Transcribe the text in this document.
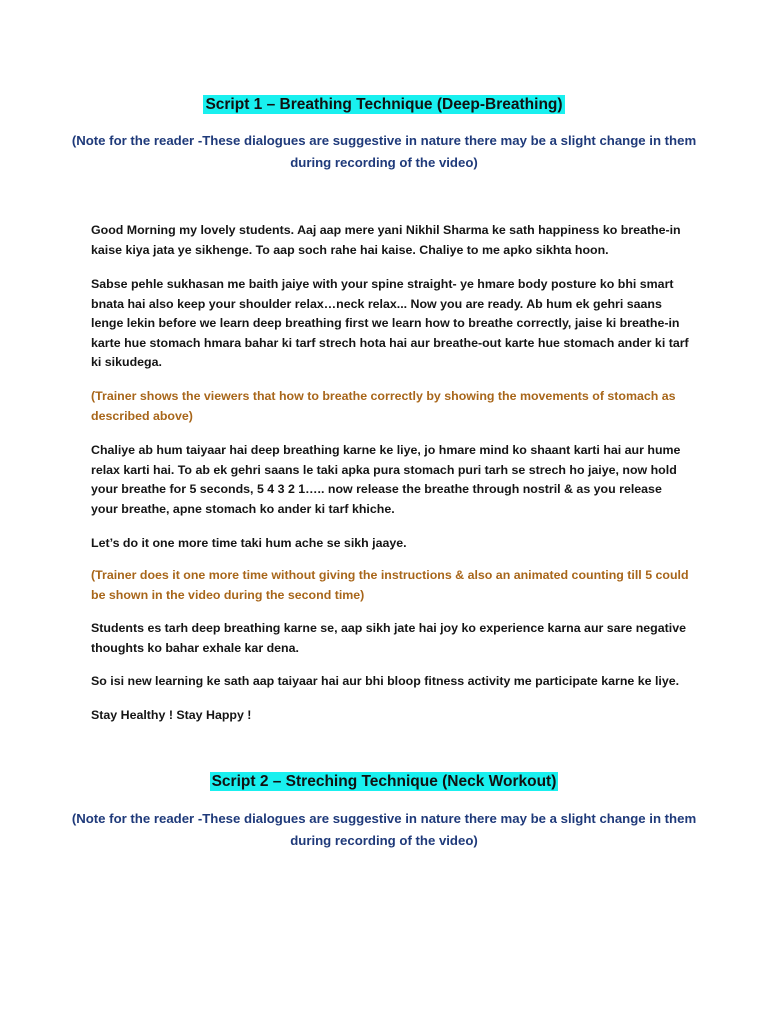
Script 1 – Breathing Technique (Deep-Breathing)
(Note for the reader -These dialogues are suggestive in nature there may be a slight change in them during recording of the video)
Good Morning my lovely students. Aaj aap mere yani Nikhil Sharma ke sath happiness ko breathe-in kaise kiya jata ye sikhenge. To aap soch rahe hai kaise. Chaliye to me apko sikhta hoon.
Sabse pehle sukhasan me baith jaiye with your spine straight- ye hmare body posture ko bhi smart bnata hai also keep your shoulder relax…neck relax... Now you are ready. Ab hum ek gehri saans lenge lekin before we learn deep breathing first we learn how to breathe correctly, jaise ki breathe-in karte hue stomach hmara bahar ki tarf strech hota hai aur breathe-out karte hue stomach ander ki tarf ki sikudega.
(Trainer shows the viewers that how to breathe correctly by showing the movements of stomach as described above)
Chaliye ab hum taiyaar hai deep breathing karne ke liye, jo hmare mind ko shaant karti hai aur hume relax karti hai. To ab ek gehri saans le taki apka pura stomach puri tarh se strech ho jaiye, now hold your breathe for 5 seconds, 5 4 3 2 1….. now release the breathe through nostril & as you release your breathe, apne stomach ko ander ki tarf khiche.
Let’s do it one more time taki hum ache se sikh jaaye.
(Trainer does it one more time without giving the instructions & also an animated counting till 5 could be shown in the video during the second time)
Students es tarh deep breathing karne se, aap sikh jate hai joy ko experience karna aur sare negative thoughts ko bahar exhale kar dena.
So isi new learning ke sath aap taiyaar hai aur bhi bloop fitness activity me participate karne ke liye.
Stay Healthy ! Stay Happy !
Script 2 – Streching Technique (Neck Workout)
(Note for the reader -These dialogues are suggestive in nature there may be a slight change in them during recording of the video)
